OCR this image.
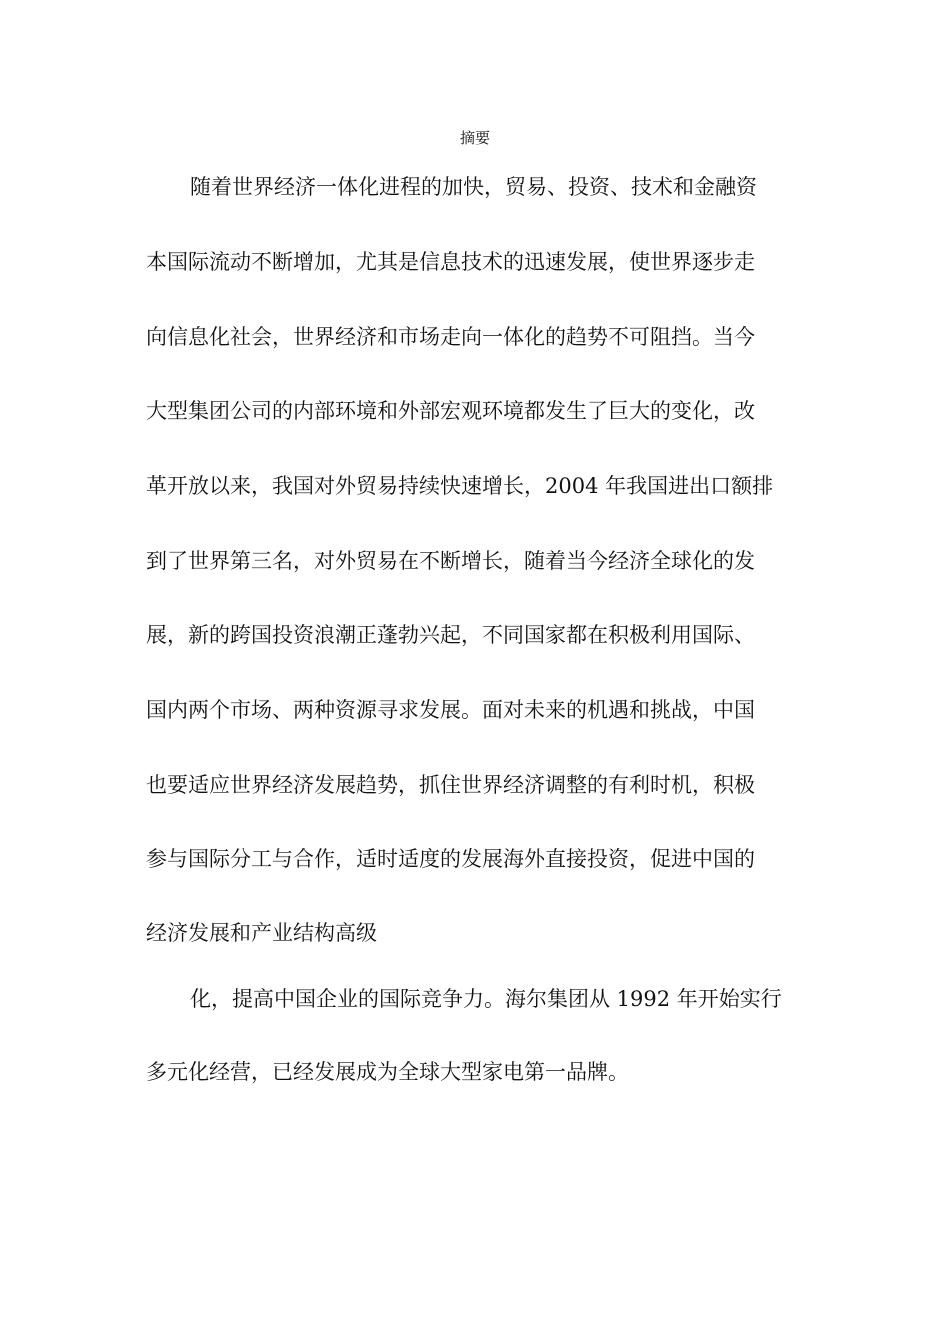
摘要
随着世界经济一体化进程的加快，贸易、投资、技术和金融资
本国际流动不断增加，尤其是信息技术的迅速发展，使世界逐步走
向信息化社会，世界经济和市场走向一体化的趋势不可阻挡。当今
大型集团公司的内部环境和外部宏观环境都发生了巨大的变化，改
革开放以来，我国对外贸易持续快速增长，2004 年我国进出口额排
到了世界第三名，对外贸易在不断增长，随着当今经济全球化的发
展，新的跨国投资浪潮正蓬勃兴起，不同国家都在积极利用国际、
国内两个市场、两种资源寻求发展。面对未来的机遇和挑战，中国
也要适应世界经济发展趋势，抓住世界经济调整的有利时机，积极
参与国际分工与合作，适时适度的发展海外直接投资，促进中国的
经济发展和产业结构高级
化，提高中国企业的国际竞争力。海尔集团从 1992 年开始实行
多元化经营，已经发展成为全球大型家电第一品牌。
